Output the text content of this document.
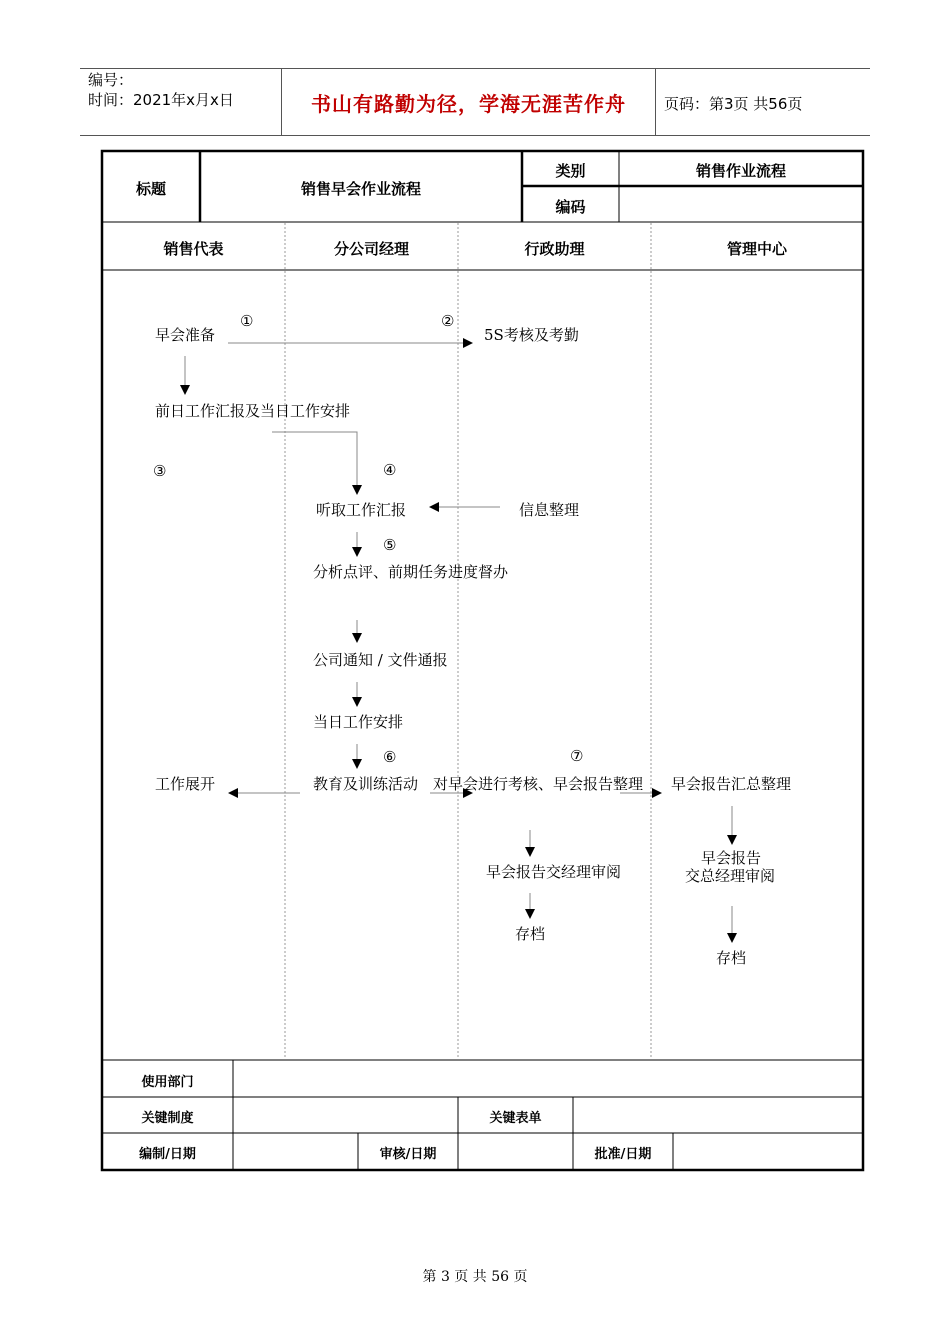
编号：
时间：2021年x月x日	书山有路勤为径，学海无涯苦作舟	页码：第3页 共56页
标题	销售早会作业流程
类别	销售作业流程
编码
销售代表	分公司经理	行政助理	管理中心
早会准备	5S考核及考勤
前日工作汇报及当日工作安排
听取工作汇报	信息整理
分析点评、前期任务进度督办
公司通知 / 文件通报
当日工作安排
教育及训练活动
工作展开	对早会进行考核、早会报告整理 早会报告汇总整理
早会报告交经理审阅
存档
早会报告
交总经理审阅
存档
①	②
③	④
⑤
⑥	⑦
使用部门
关键制度	关键表单
编制/日期	审核/日期	批准/日期
第 3 页 共 56 页
